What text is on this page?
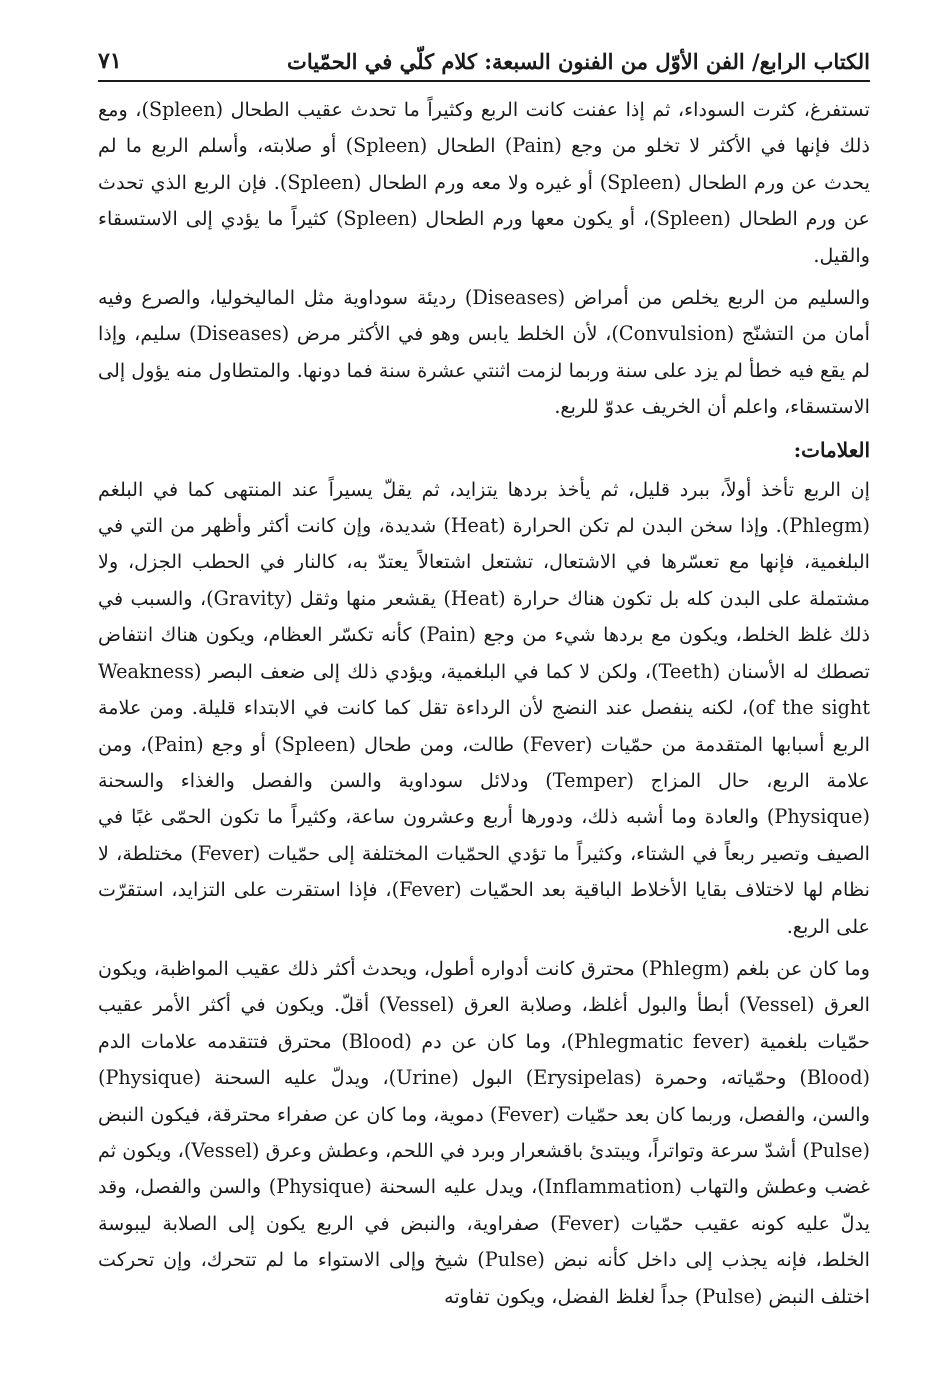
الكتاب الرابع/ الفن الأوّل من الفنون السبعة: كلام كلّي في الحمّيات
٧١

تستفرغ، كثرت السوداء، ثم إذا عفنت كانت الربع وكثيراً ما تحدث عقيب الطحال (Spleen)، ومع ذلك فإنها في الأكثر لا تخلو من وجع (Pain) الطحال (Spleen) أو صلابته، وأسلم الربع ما لم يحدث عن ورم الطحال (Spleen) أو غيره ولا معه ورم الطحال (Spleen). فإن الربع الذي تحدث عن ورم الطحال (Spleen)، أو يكون معها ورم الطحال (Spleen) كثيراً ما يؤدي إلى الاستسقاء والقيل.

والسليم من الربع يخلص من أمراض (Diseases) رديئة سوداوية مثل الماليخوليا، والصرع وفيه أمان من التشنّج (Convulsion)، لأن الخلط يابس وهو في الأكثر مرض (Diseases) سليم، وإذا لم يقع فيه خطأ لم يزد على سنة وربما لزمت اثنتي عشرة سنة فما دونها. والمتطاول منه يؤول إلى الاستسقاء، واعلم أن الخريف عدوّ للربع.

العلامات:

إن الربع تأخذ أولاً، ببرد قليل، ثم يأخذ بردها يتزايد، ثم يقلّ يسيراً عند المنتهى كما في البلغم (Phlegm). وإذا سخن البدن لم تكن الحرارة (Heat) شديدة، وإن كانت أكثر وأظهر من التي في البلغمية، فإنها مع تعسّرها في الاشتعال، تشتعل اشتعالاً يعتدّ به، كالنار في الحطب الجزل، ولا مشتملة على البدن كله بل تكون هناك حرارة (Heat) يقشعر منها وثقل (Gravity)، والسبب في ذلك غلظ الخلط، ويكون مع بردها شيء من وجع (Pain) كأنه تكسّر العظام، ويكون هناك انتفاض تصطك له الأسنان (Teeth)، ولكن لا كما في البلغمية، ويؤدي ذلك إلى ضعف البصر (Weakness of the sight)، لكنه ينفصل عند النضج لأن الرداءة تقل كما كانت في الابتداء قليلة. ومن علامة الربع أسبابها المتقدمة من حمّيات (Fever) طالت، ومن طحال (Spleen) أو وجع (Pain)، ومن علامة الربع، حال المزاج (Temper) ودلائل سوداوية والسن والفصل والغذاء والسحنة (Physique) والعادة وما أشبه ذلك، ودورها أربع وعشرون ساعة، وكثيراً ما تكون الحمّى غبًا في الصيف وتصير ربعاً في الشتاء، وكثيراً ما تؤدي الحمّيات المختلفة إلى حمّيات (Fever) مختلطة، لا نظام لها لاختلاف بقايا الأخلاط الباقية بعد الحمّيات (Fever)، فإذا استقرت على التزايد، استقرّت على الربع.

وما كان عن بلغم (Phlegm) محترق كانت أدواره أطول، ويحدث أكثر ذلك عقيب المواظبة، ويكون العرق (Vessel) أبطأ والبول أغلظ، وصلابة العرق (Vessel) أقلّ. ويكون في أكثر الأمر عقيب حمّيات بلغمية (Phlegmatic fever)، وما كان عن دم (Blood) محترق فتتقدمه علامات الدم (Blood) وحمّياته، وحمرة (Erysipelas) البول (Urine)، ويدلّ عليه السحنة (Physique) والسن، والفصل، وربما كان بعد حمّيات (Fever) دموية، وما كان عن صفراء محترقة، فيكون النبض (Pulse) أشدّ سرعة وتواتراً، ويبتدئ باقشعرار وبرد في اللحم، وعطش وعرق (Vessel)، ويكون ثم غضب وعطش والتهاب (Inflammation)، ويدل عليه السحنة (Physique) والسن والفصل، وقد يدلّ عليه كونه عقيب حمّيات (Fever) صفراوية، والنبض في الربع يكون إلى الصلابة ليبوسة الخلط، فإنه يجذب إلى داخل كأنه نبض (Pulse) شيخ وإلى الاستواء ما لم تتحرك، وإن تحركت اختلف النبض (Pulse) جداً لغلظ الفضل، ويكون تفاوته
